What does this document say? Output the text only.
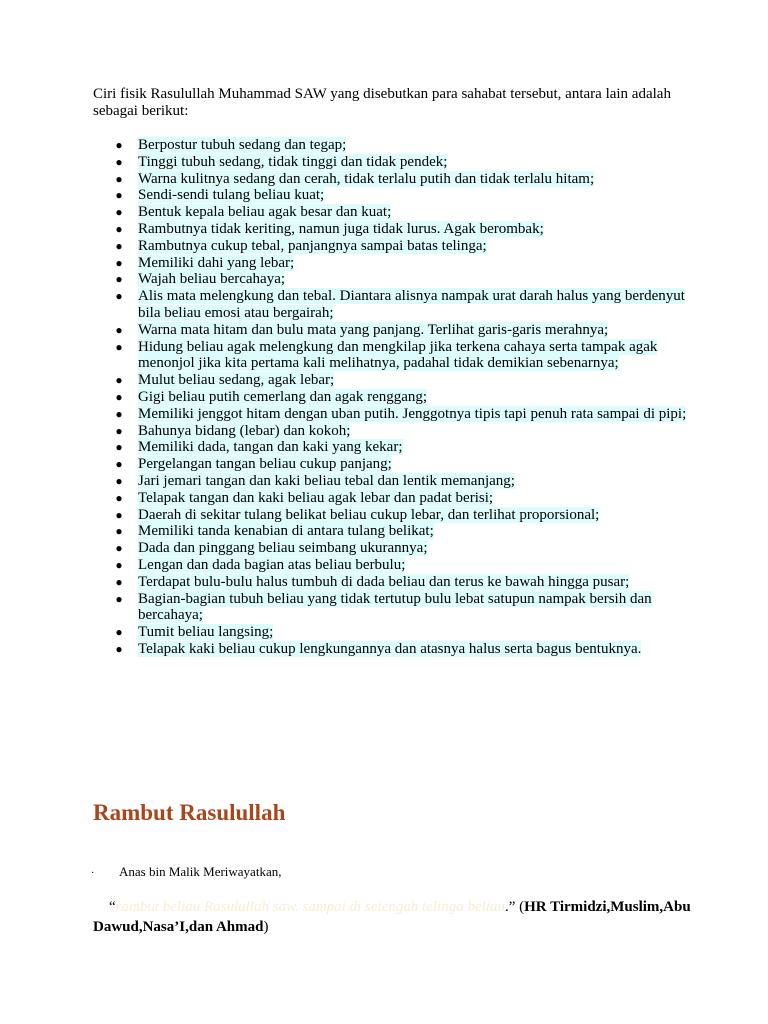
Ciri fisik Rasulullah Muhammad SAW yang disebutkan para sahabat tersebut, antara lain adalah sebagai berikut:

● Berpostur tubuh sedang dan tegap;
● Tinggi tubuh sedang, tidak tinggi dan tidak pendek;
● Warna kulitnya sedang dan cerah, tidak terlalu putih dan tidak terlalu hitam;
● Sendi-sendi tulang beliau kuat;
● Bentuk kepala beliau agak besar dan kuat;
● Rambutnya tidak keriting, namun juga tidak lurus. Agak berombak;
● Rambutnya cukup tebal, panjangnya sampai batas telinga;
● Memiliki dahi yang lebar;
● Wajah beliau bercahaya;
● Alis mata melengkung dan tebal. Diantara alisnya nampak urat darah halus yang berdenyut bila beliau emosi atau bergairah;
● Warna mata hitam dan bulu mata yang panjang. Terlihat garis-garis merahnya;
● Hidung beliau agak melengkung dan mengkilap jika terkena cahaya serta tampak agak menonjol jika kita pertama kali melihatnya, padahal tidak demikian sebenarnya;
● Mulut beliau sedang, agak lebar;
● Gigi beliau putih cemerlang dan agak renggang;
● Memiliki jenggot hitam dengan uban putih. Jenggotnya tipis tapi penuh rata sampai di pipi;
● Bahunya bidang (lebar) dan kokoh;
● Memiliki dada, tangan dan kaki yang kekar;
● Pergelangan tangan beliau cukup panjang;
● Jari jemari tangan dan kaki beliau tebal dan lentik memanjang;
● Telapak tangan dan kaki beliau agak lebar dan padat berisi;
● Daerah di sekitar tulang belikat beliau cukup lebar, dan terlihat proporsional;
● Memiliki tanda kenabian di antara tulang belikat;
● Dada dan pinggang beliau seimbang ukurannya;
● Lengan dan dada bagian atas beliau berbulu;
● Terdapat bulu-bulu halus tumbuh di dada beliau dan terus ke bawah hingga pusar;
● Bagian-bagian tubuh beliau yang tidak tertutup bulu lebat satupun nampak bersih dan bercahaya;
● Tumit beliau langsing;
● Telapak kaki beliau cukup lengkungannya dan atasnya halus serta bagus bentuknya.
Rambut Rasulullah
· Anas bin Malik Meriwayatkan,
“rambut beliau Rasulullah saw. sampai di setengah telinga beliau.” (HR Tirmidzi,Muslim,Abu Dawud,Nasa’I,dan Ahmad)
